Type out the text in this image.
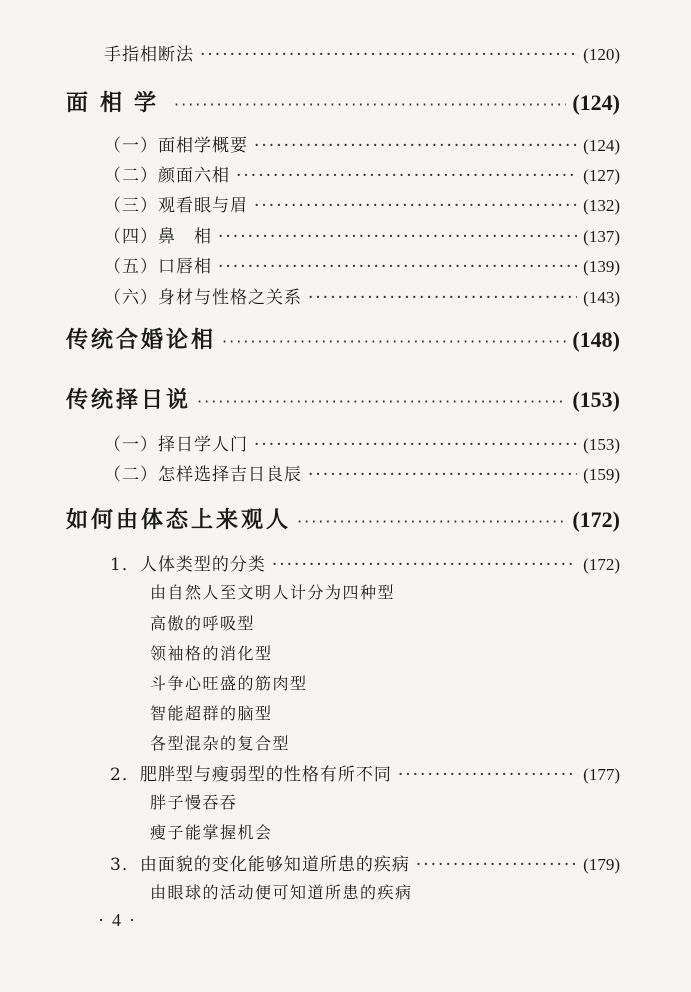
手指相断法 ·····	(120)
面相学 ·····	(124)
（一）面相学概要 ·····	(124)
（二）颜面六相 ·····	(127)
（三）观看眼与眉 ·····	(132)
（四）鼻　相 ·····	(137)
（五）口唇相 ·····	(139)
（六）身材与性格之关系 ·····	(143)
传统合婚论相 ·····	(148)
传统择日说 ·····	(153)
（一）择日学人门 ·····	(153)
（二）怎样选择吉日良辰 ·····	(159)
如何由体态上来观人 ·····	(172)
1．人体类型的分类 ·····	(172)
由自然人至文明人计分为四种型
高傲的呼吸型
领袖格的消化型
斗争心旺盛的筋肉型
智能超群的脑型
各型混杂的复合型
2．肥胖型与瘦弱型的性格有所不同 ·····	(177)
胖子慢吞吞
瘦子能掌握机会
3．由面貌的变化能够知道所患的疾病 ·····	(179)
由眼球的活动便可知道所患的疾病
·4·
